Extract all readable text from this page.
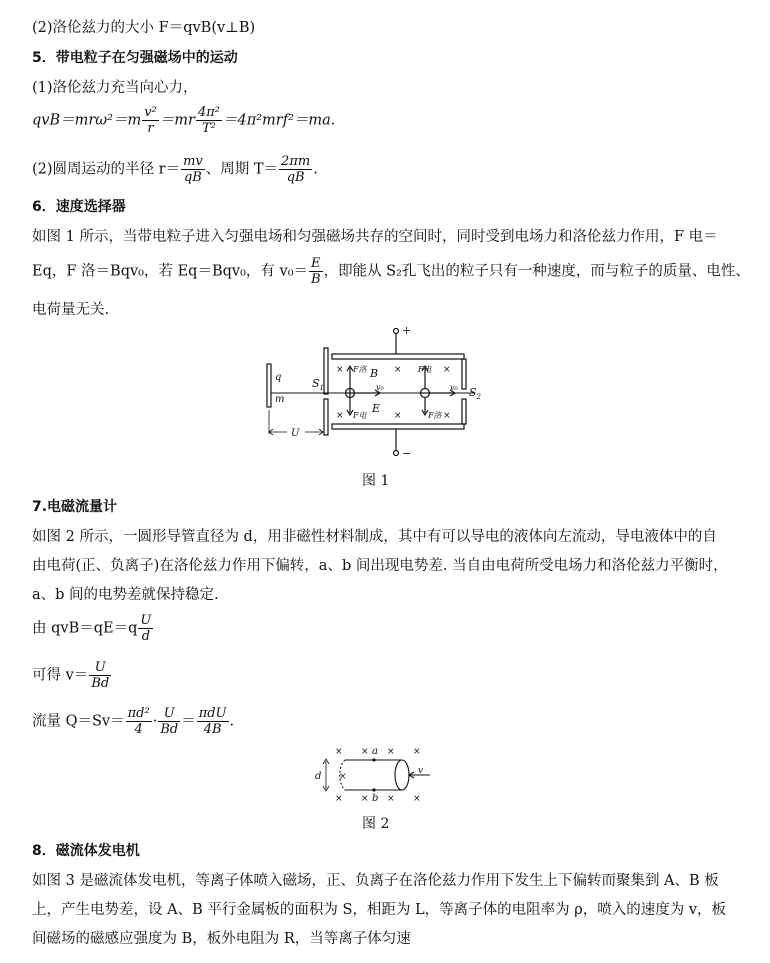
(2)洛伦兹力的大小 F＝qvB(v⊥B)
5．带电粒子在匀强磁场中的运动
(1)洛伦兹力充当向心力，
$qvB=mr\omega^2=m \frac{\text{v²}}{r} =mr \frac{\text{4π²}}{\text{T²}} =4\pi^2mrf^2=ma$.
(2)圆周运动的半径 $r= \frac{mv}{qB}$ 、周期 $T= \frac{2\pi m}{qB}$ .
6．速度选择器
如图 1 所示，当带电粒子进入匀强电场和匀强磁场共存的空间时，同时受到电场力和洛伦兹力作用，F 电＝
Eq，F 洛＝Bqv₀，若 Eq＝Bqv₀，有 $v_0= \frac{E}{B}$ ，即能从 S₂孔飞出的粒子只有一种速度，而与粒子的质量、电性、
电荷量无关.
+
−
$S_1$	$S_2$
q
m
U
B
E
v₀	v₀
F洛
F电
F电
F洛
×	×	×
×	×	×
图 1
7.电磁流量计
如图 2 所示，一圆形导管直径为 d，用非磁性材料制成，其中有可以导电的液体向左流动，导电液体中的自
由电荷(正、负离子)在洛伦兹力作用下偏转，a、b 间出现电势差. 当自由电荷所受电场力和洛伦兹力平衡时，
a、b 间的电势差就保持稳定.
由 $qvB=qE=q \frac{U}{d}$
可得 $v= \frac{U}{Bd}$
流量 $Q=Sv= \frac{\text{πd²}}{4} \cdot \frac{U}{Bd} = \frac{\text{πdU}}{4B}$ .
a
b
d	v
× × × ×
×
× × × ×
图 2
8．磁流体发电机
如图 3 是磁流体发电机，等离子体喷入磁场，正、负离子在洛伦兹力作用下发生上下偏转而聚集到 A、B 板
上，产生电势差，设 A、B 平行金属板的面积为 S，相距为 L，等离子体的电阻率为 ρ，喷入的速度为 v，板
间磁场的磁感应强度为 B，板外电阻为 R，当等离子体匀速
